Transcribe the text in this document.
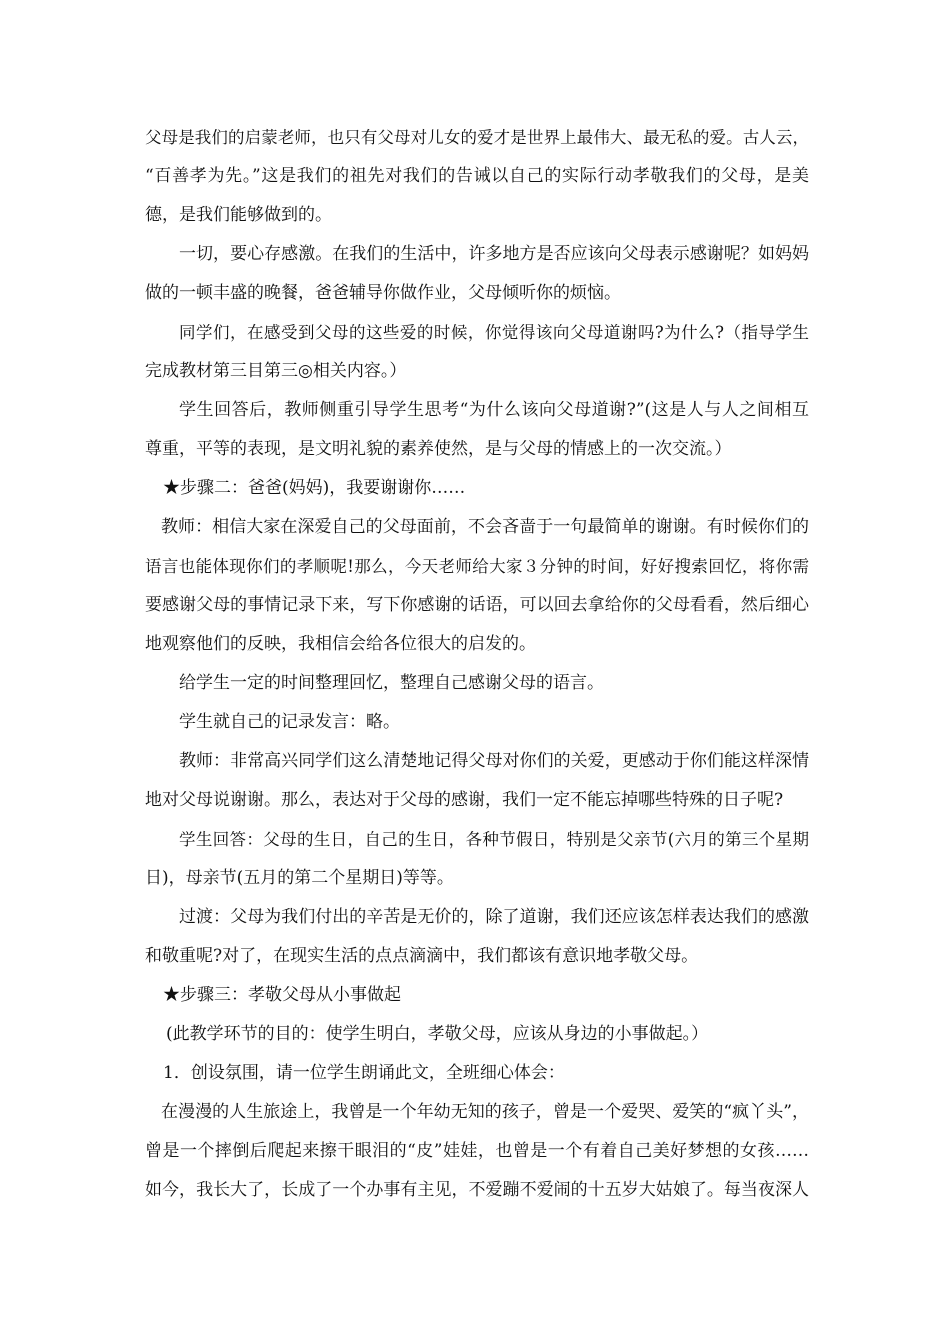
父母是我们的启蒙老师，也只有父母对儿女的爱才是世界上最伟大、最无私的爱。古人云，
“百善孝为先。”这是我们的祖先对我们的告诫以自己的实际行动孝敬我们的父母，是美
德，是我们能够做到的。
一切，要心存感激。在我们的生活中，许多地方是否应该向父母表示感谢呢？如妈妈
做的一顿丰盛的晚餐，爸爸辅导你做作业，父母倾听你的烦恼。
同学们，在感受到父母的这些爱的时候，你觉得该向父母道谢吗?为什么?（指导学生
完成教材第三目第三◎相关内容。）
学生回答后，教师侧重引导学生思考“为什么该向父母道谢?”(这是人与人之间相互
尊重，平等的表现，是文明礼貌的素养使然，是与父母的情感上的一次交流。）
★步骤二：爸爸(妈妈)，我要谢谢你……
教师：相信大家在深爱自己的父母面前，不会吝啬于一句最简单的谢谢。有时候你们的
语言也能体现你们的孝顺呢!那么，今天老师给大家３分钟的时间，好好搜索回忆，将你需
要感谢父母的事情记录下来，写下你感谢的话语，可以回去拿给你的父母看看，然后细心
地观察他们的反映，我相信会给各位很大的启发的。
给学生一定的时间整理回忆，整理自己感谢父母的语言。
学生就自己的记录发言：略。
教师：非常高兴同学们这么清楚地记得父母对你们的关爱，更感动于你们能这样深情
地对父母说谢谢。那么，表达对于父母的感谢，我们一定不能忘掉哪些特殊的日子呢?
学生回答：父母的生日，自己的生日，各种节假日，特别是父亲节(六月的第三个星期
日)，母亲节(五月的第二个星期日)等等。
过渡：父母为我们付出的辛苦是无价的，除了道谢，我们还应该怎样表达我们的感激
和敬重呢?对了，在现实生活的点点滴滴中，我们都该有意识地孝敬父母。
★步骤三：孝敬父母从小事做起
(此教学环节的目的：使学生明白，孝敬父母，应该从身边的小事做起。）
1．创设氛围，请一位学生朗诵此文，全班细心体会：
在漫漫的人生旅途上，我曾是一个年幼无知的孩子，曾是一个爱哭、爱笑的“疯丫头”，
曾是一个摔倒后爬起来擦干眼泪的“皮”娃娃，也曾是一个有着自己美好梦想的女孩……
如今，我长大了，长成了一个办事有主见，不爱蹦不爱闹的十五岁大姑娘了。每当夜深人
